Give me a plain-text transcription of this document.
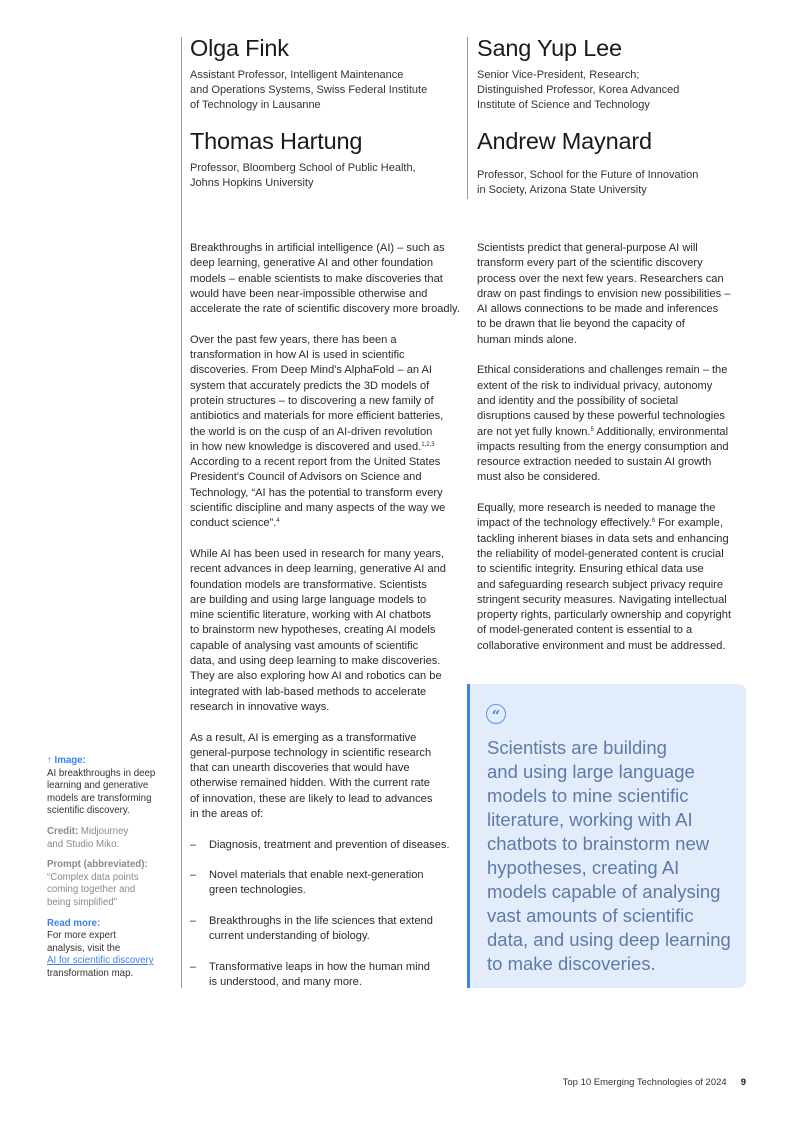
Olga Fink
Assistant Professor, Intelligent Maintenance
and Operations Systems, Swiss Federal Institute
of Technology in Lausanne
Sang Yup Lee
Senior Vice-President, Research;
Distinguished Professor, Korea Advanced
Institute of Science and Technology
Thomas Hartung
Professor, Bloomberg School of Public Health,
Johns Hopkins University
Andrew Maynard
Professor, School for the Future of Innovation
in Society, Arizona State University

Breakthroughs in artificial intelligence (AI) – such as
deep learning, generative AI and other foundation
models – enable scientists to make discoveries that
would have been near-impossible otherwise and
accelerate the rate of scientific discovery more broadly.

Over the past few years, there has been a
transformation in how AI is used in scientific
discoveries. From Deep Mind's AlphaFold – an AI
system that accurately predicts the 3D models of
protein structures – to discovering a new family of
antibiotics and materials for more efficient batteries,
the world is on the cusp of an AI-driven revolution
in how new knowledge is discovered and used.$^{1,2,3}$
According to a recent report from the United States
President's Council of Advisors on Science and
Technology, “AI has the potential to transform every
scientific discipline and many aspects of the way we
conduct science”.$^4$

While AI has been used in research for many years,
recent advances in deep learning, generative AI and
foundation models are transformative. Scientists
are building and using large language models to
mine scientific literature, working with AI chatbots
to brainstorm new hypotheses, creating AI models
capable of analysing vast amounts of scientific
data, and using deep learning to make discoveries.
They are also exploring how AI and robotics can be
integrated with lab-based methods to accelerate
research in innovative ways.

As a result, AI is emerging as a transformative
general-purpose technology in scientific research
that can unearth discoveries that would have
otherwise remained hidden. With the current rate
of innovation, these are likely to lead to advances
in the areas of:

– Diagnosis, treatment and prevention of diseases.
– Novel materials that enable next-generation
green technologies.
– Breakthroughs in the life sciences that extend
current understanding of biology.
– Transformative leaps in how the human mind
is understood, and many more.

Scientists predict that general-purpose AI will
transform every part of the scientific discovery
process over the next few years. Researchers can
draw on past findings to envision new possibilities –
AI allows connections to be made and inferences
to be drawn that lie beyond the capacity of
human minds alone.

Ethical considerations and challenges remain – the
extent of the risk to individual privacy, autonomy
and identity and the possibility of societal
disruptions caused by these powerful technologies
are not yet fully known.$^5$ Additionally, environmental
impacts resulting from the energy consumption and
resource extraction needed to sustain AI growth
must also be considered.

Equally, more research is needed to manage the
impact of the technology effectively.$^6$ For example,
tackling inherent biases in data sets and enhancing
the reliability of model-generated content is crucial
to scientific integrity. Ensuring ethical data use
and safeguarding research subject privacy require
stringent security measures. Navigating intellectual
property rights, particularly ownership and copyright
of model-generated content is essential to a
collaborative environment and must be addressed.

“
Scientists are building
and using large language
models to mine scientific
literature, working with AI
chatbots to brainstorm new
hypotheses, creating AI
models capable of analysing
vast amounts of scientific
data, and using deep learning
to make discoveries.
↑ Image:
AI breakthroughs in deep
learning and generative
models are transforming
scientific discovery.
Credit: Midjourney
and Studio Miko.
Prompt (abbreviated):
“Complex data points
coming together and
being simplified”
Read more:
For more expert
analysis, visit the
AI for scientific discovery
transformation map.
Top 10 Emerging Technologies of 2024 9
